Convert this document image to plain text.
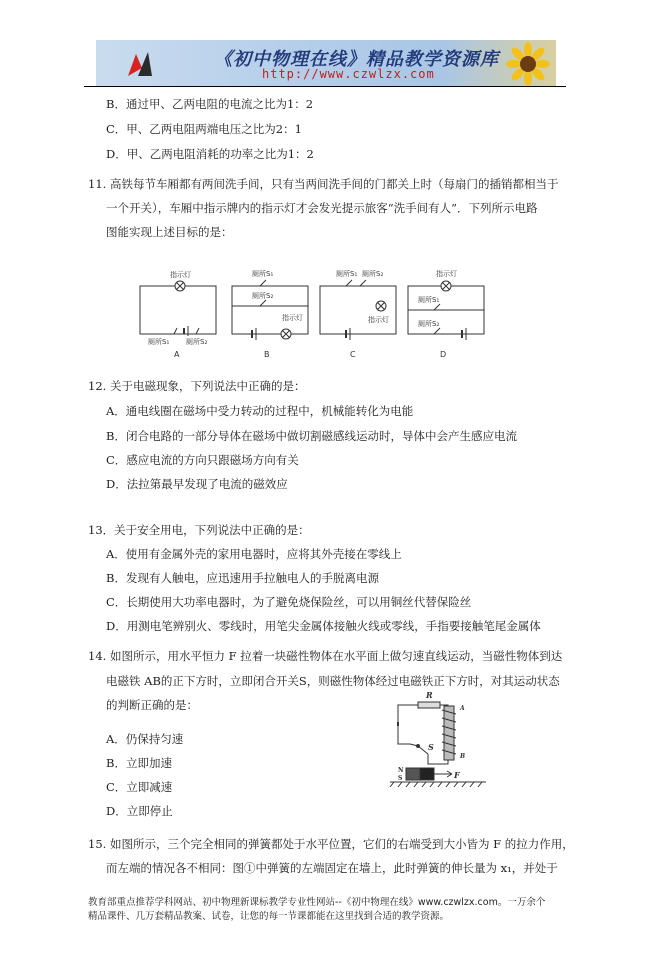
《初中物理在线》精品教学资源库
http://www.czwlzx.com
B．通过甲、乙两电阻的电流之比为1：2
C．甲、乙两电阻两端电压之比为2：1
D．甲、乙两电阻消耗的功率之比为1：2
11. 高铁每节车厢都有两间洗手间，只有当两间洗手间的门都关上时（每扇门的插销都相当于
一个开关），车厢中指示牌内的指示灯才会发光提示旅客“洗手间有人”．下列所示电路
图能实现上述目标的是：
指示灯
厕所S₁ 厕所S₂
A
厕所S₁
厕所S₂
指示灯
B
厕所S₁ 厕所S₂
指示灯
C
指示灯
厕所S₁
厕所S₂
D
12. 关于电磁现象，下列说法中正确的是：
A．通电线圈在磁场中受力转动的过程中，机械能转化为电能
B．闭合电路的一部分导体在磁场中做切割磁感线运动时，导体中会产生感应电流
C．感应电流的方向只跟磁场方向有关
D．法拉第最早发现了电流的磁效应
13．关于安全用电，下列说法中正确的是：
A．使用有金属外壳的家用电器时，应将其外壳接在零线上
B．发现有人触电，应迅速用手拉触电人的手脱离电源
C．长期使用大功率电器时，为了避免烧保险丝，可以用铜丝代替保险丝
D．用测电笔辨别火、零线时，用笔尖金属体接触火线或零线，手指要接触笔尾金属体
14. 如图所示，用水平恒力 F 拉着一块磁性物体在水平面上做匀速直线运动，当磁性物体到达
电磁铁 AB的正下方时，立即闭合开关S，则磁性物体经过电磁铁正下方时，对其运动状态
的判断正确的是：
A．仍保持匀速
B．立即加速
C．立即减速
D．立即停止
R
A
B
S
N
S	F
15. 如图所示，三个完全相同的弹簧都处于水平位置，它们的右端受到大小皆为 F 的拉力作用，
而左端的情况各不相同：图①中弹簧的左端固定在墙上，此时弹簧的伸长量为 x₁，并处于
教育部重点推荐学科网站、初中物理新课标教学专业性网站--《初中物理在线》www.czwlzx.com。一万余个
精品课件、几万套精品教案、试卷，让您的每一节课都能在这里找到合适的教学资源。
